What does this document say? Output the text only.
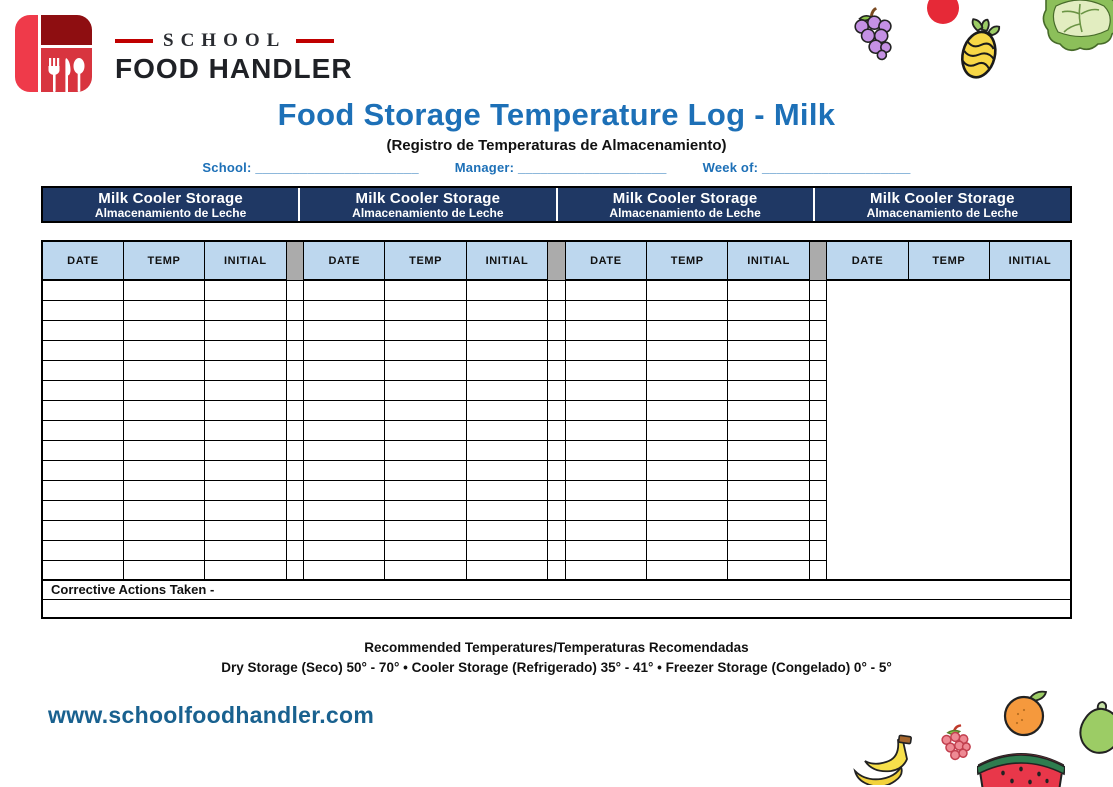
SCHOOL
FOOD HANDLER
Food Storage Temperature Log - Milk
(Registro de Temperaturas de Almacenamiento)
School: ______________________	Manager: ____________________	Week of: ____________________
Milk Cooler Storage
Almacenamiento de Leche
Milk Cooler Storage
Almacenamiento de Leche
Milk Cooler Storage
Almacenamiento de Leche
Milk Cooler Storage
Almacenamiento de Leche
DATE	TEMP	INITIAL		DATE	TEMP	INITIAL		DATE	TEMP	INITIAL		DATE	TEMP	INITIAL

Corrective Actions Taken -														

Recommended Temperatures/Temperaturas Recomendadas
Dry Storage (Seco) 50° - 70° • Cooler Storage (Refrigerado) 35° - 41° • Freezer Storage (Congelado) 0° - 5°
www.schoolfoodhandler.com
